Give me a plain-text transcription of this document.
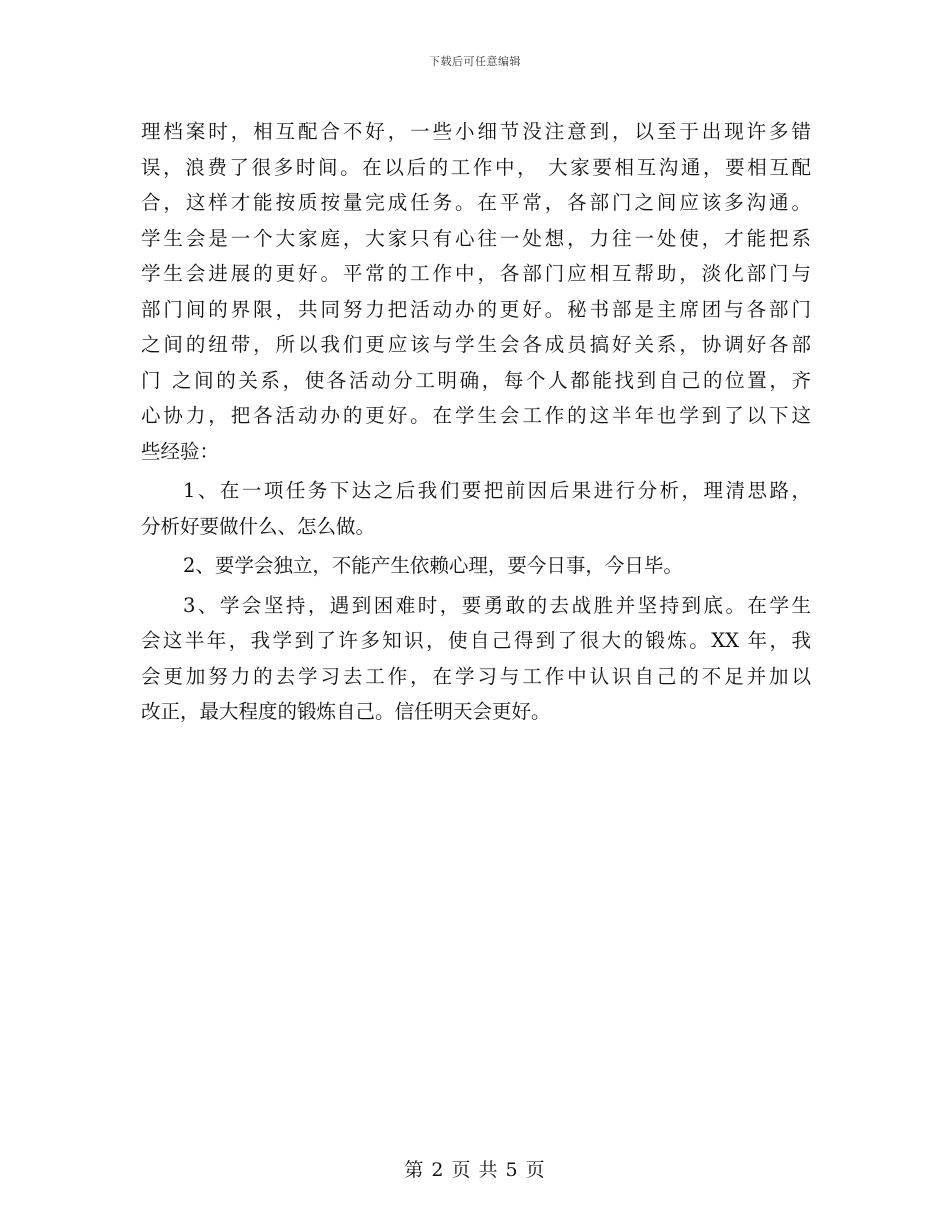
下载后可任意编辑
理档案时，相互配合不好，一些小细节没注意到，以至于出现许多错
误，浪费了很多时间。在以后的工作中， 大家要相互沟通，要相互配
合，这样才能按质按量完成任务。在平常，各部门之间应该多沟通。
学生会是一个大家庭，大家只有心往一处想，力往一处使，才能把系
学生会进展的更好。平常的工作中，各部门应相互帮助，淡化部门与
部门间的界限，共同努力把活动办的更好。秘书部是主席团与各部门
之间的纽带，所以我们更应该与学生会各成员搞好关系，协调好各部
门 之间的关系，使各活动分工明确，每个人都能找到自己的位置，齐
心协力，把各活动办的更好。在学生会工作的这半年也学到了以下这
些经验：
1、在一项任务下达之后我们要把前因后果进行分析，理清思路，
分析好要做什么、怎么做。
2、要学会独立，不能产生依赖心理，要今日事，今日毕。
3、学会坚持，遇到困难时，要勇敢的去战胜并坚持到底。在学生
会这半年，我学到了许多知识，使自己得到了很大的锻炼。XX 年，我
会更加努力的去学习去工作，在学习与工作中认识自己的不足并加以
改正，最大程度的锻炼自己。信任明天会更好。
第 2 页 共 5 页
